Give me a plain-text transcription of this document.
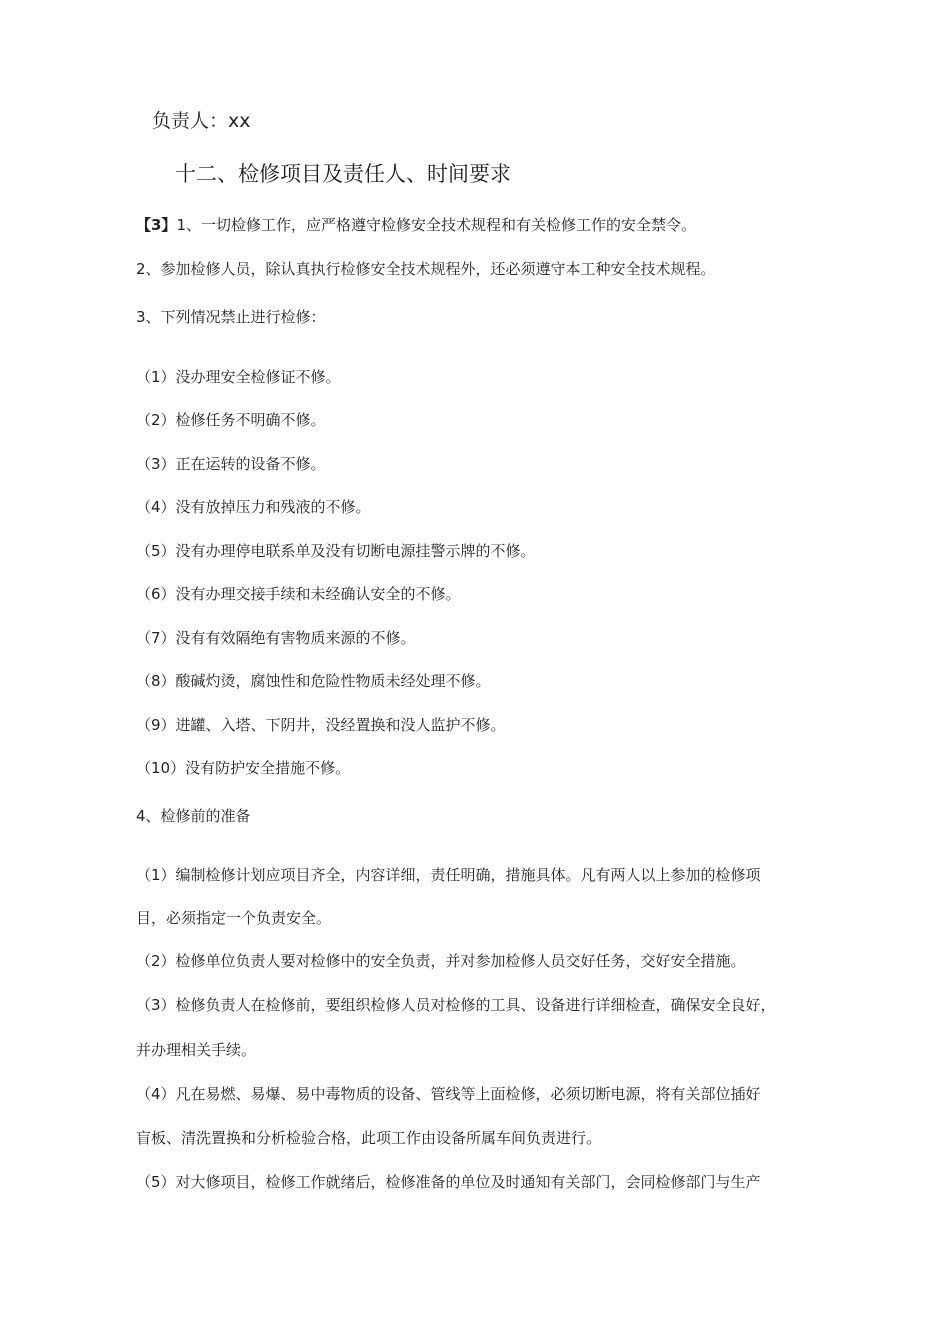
负责人：xx
十二、检修项目及责任人、时间要求
【3】1、一切检修工作，应严格遵守检修安全技术规程和有关检修工作的安全禁令。
2、参加检修人员，除认真执行检修安全技术规程外，还必须遵守本工种安全技术规程。
3、下列情况禁止进行检修：
（1）没办理安全检修证不修。
（2）检修任务不明确不修。
（3）正在运转的设备不修。
（4）没有放掉压力和残液的不修。
（5）没有办理停电联系单及没有切断电源挂警示牌的不修。
（6）没有办理交接手续和未经确认安全的不修。
（7）没有有效隔绝有害物质来源的不修。
（8）酸碱灼烫，腐蚀性和危险性物质未经处理不修。
（9）进罐、入塔、下阴井，没经置换和没人监护不修。
（10）没有防护安全措施不修。
4、检修前的准备
（1）编制检修计划应项目齐全，内容详细，责任明确，措施具体。凡有两人以上参加的检修项
目，必须指定一个负责安全。
（2）检修单位负责人要对检修中的安全负责，并对参加检修人员交好任务，交好安全措施。
（3）检修负责人在检修前，要组织检修人员对检修的工具、设备进行详细检查，确保安全良好，
并办理相关手续。
（4）凡在易燃、易爆、易中毒物质的设备、管线等上面检修，必须切断电源，将有关部位插好
盲板、清洗置换和分析检验合格，此项工作由设备所属车间负责进行。
（5）对大修项目，检修工作就绪后，检修准备的单位及时通知有关部门，会同检修部门与生产
